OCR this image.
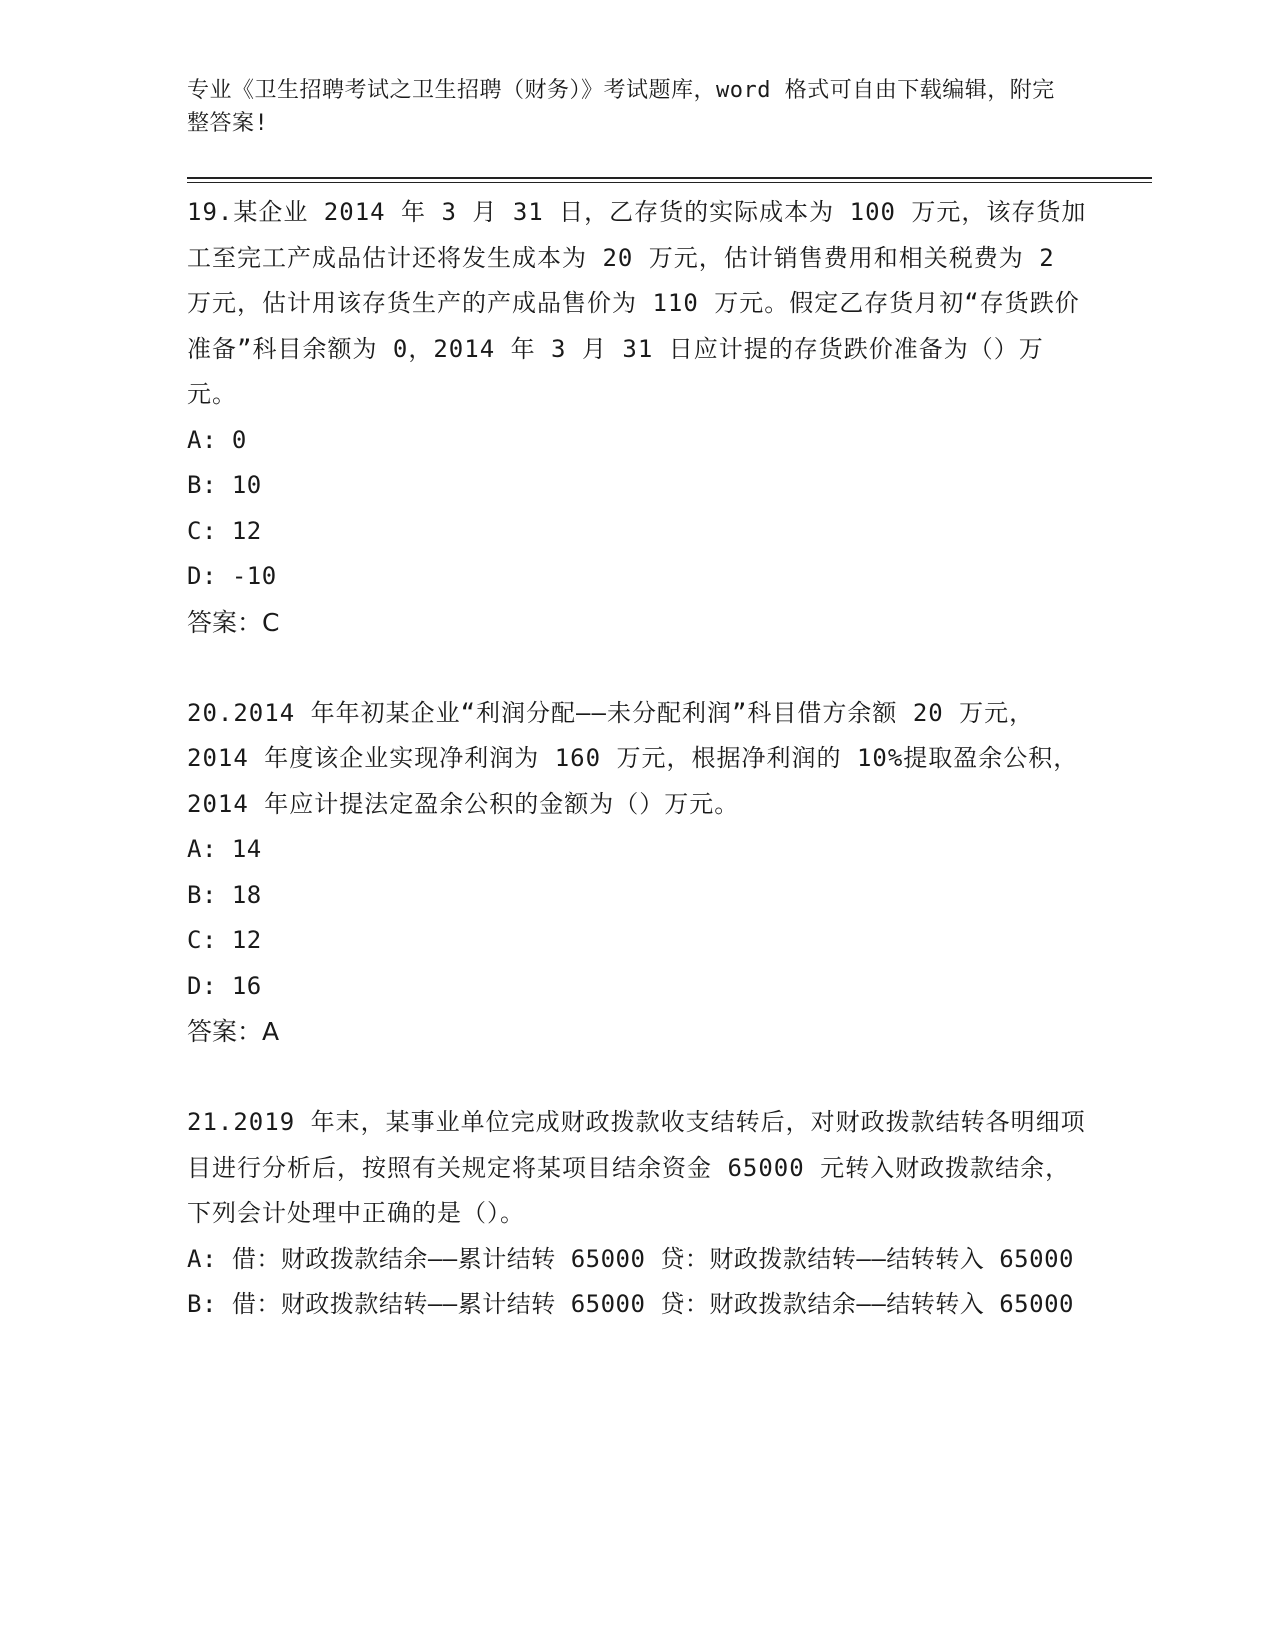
专业《卫生招聘考试之卫生招聘（财务）》考试题库，word 格式可自由下载编辑，附完整答案!

19.某企业 2014 年 3 月 31 日，乙存货的实际成本为 100 万元，该存货加工至完工产成品估计还将发生成本为 20 万元，估计销售费用和相关税费为 2 万元，估计用该存货生产的产成品售价为 110 万元。假定乙存货月初“存货跌价准备”科目余额为 0，2014 年 3 月 31 日应计提的存货跌价准备为（）万元。

A: 0

B: 10

C: 12

D: -10

答案：C

20.2014 年年初某企业“利润分配——未分配利润”科目借方余额 20 万元，2014 年度该企业实现净利润为 160 万元，根据净利润的 10%提取盈余公积，2014 年应计提法定盈余公积的金额为（）万元。

A: 14

B: 18

C: 12

D: 16

答案：A

21.2019 年末，某事业单位完成财政拨款收支结转后，对财政拨款结转各明细项目进行分析后，按照有关规定将某项目结余资金 65000 元转入财政拨款结余，下列会计处理中正确的是（）。

A: 借：财政拨款结余——累计结转 65000 贷：财政拨款结转——结转转入 65000

B: 借：财政拨款结转——累计结转 65000 贷：财政拨款结余——结转转入 65000
